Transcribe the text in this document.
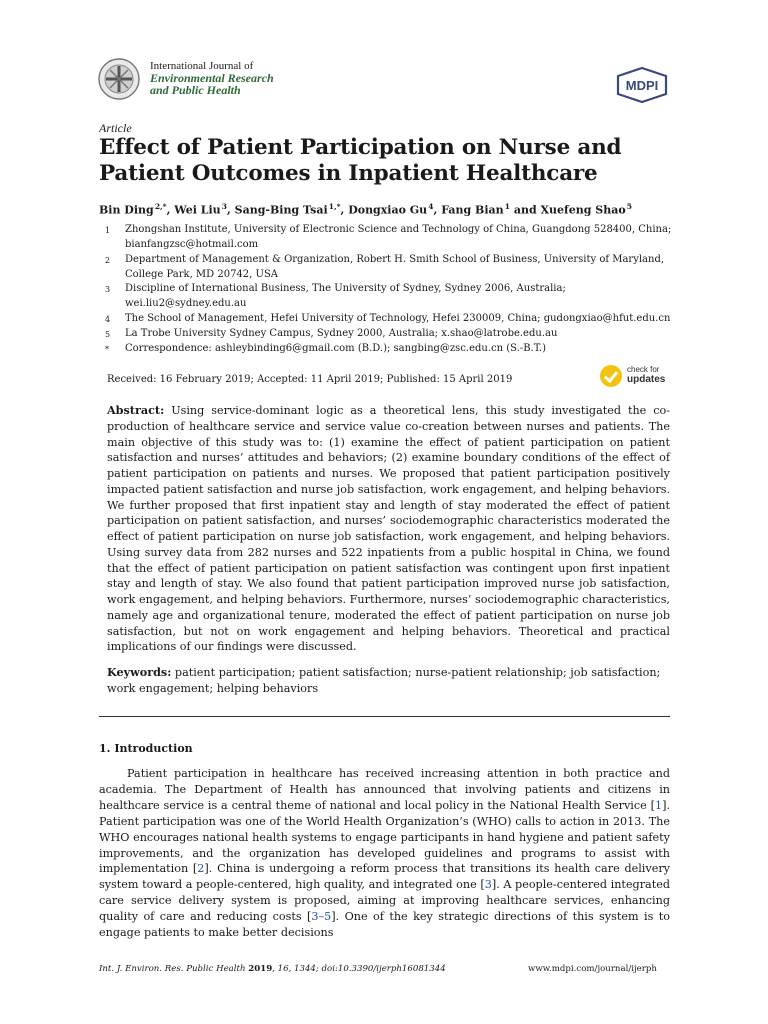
International Journal of
Environmental Research
and Public Health	MDPI
Article
Effect of Patient Participation on Nurse and Patient Outcomes in Inpatient Healthcare
Bin Ding $^{2,*}$, Wei Liu $^3$, Sang-Bing Tsai $^{1,*}$, Dongxiao Gu $^4$, Fang Bian $^1$ and Xuefeng Shao $^5$
1 Zhongshan Institute, University of Electronic Science and Technology of China, Guangdong 528400, China;
bianfangzsc@hotmail.com
2 Department of Management & Organization, Robert H. Smith School of Business, University of Maryland,
College Park, MD 20742, USA
3 Discipline of International Business, The University of Sydney, Sydney 2006, Australia;
wei.liu2@sydney.edu.au
4 The School of Management, Hefei University of Technology, Hefei 230009, China; gudongxiao@hfut.edu.cn
5 La Trobe University Sydney Campus, Sydney 2000, Australia; x.shao@latrobe.edu.au
* Correspondence: ashleybinding6@gmail.com (B.D.); sangbing@zsc.edu.cn (S.-B.T.)
Received: 16 February 2019; Accepted: 11 April 2019; Published: 15 April 2019
check for
updates
Abstract: Using service-dominant logic as a theoretical lens, this study investigated the co-production of healthcare service and service value co-creation between nurses and patients. The main objective of this study was to: (1) examine the effect of patient participation on patient satisfaction and nurses’ attitudes and behaviors; (2) examine boundary conditions of the effect of patient participation on patients and nurses. We proposed that patient participation positively impacted patient satisfaction and nurse job satisfaction, work engagement, and helping behaviors. We further proposed that first inpatient stay and length of stay moderated the effect of patient participation on patient satisfaction, and nurses’ sociodemographic characteristics moderated the effect of patient participation on nurse job satisfaction, work engagement, and helping behaviors. Using survey data from 282 nurses and 522 inpatients from a public hospital in China, we found that the effect of patient participation on patient satisfaction was contingent upon first inpatient stay and length of stay. We also found that patient participation improved nurse job satisfaction, work engagement, and helping behaviors. Furthermore, nurses’ sociodemographic characteristics, namely age and organizational tenure, moderated the effect of patient participation on nurse job satisfaction, but not on work engagement and helping behaviors. Theoretical and practical implications of our findings were discussed.
Keywords: patient participation; patient satisfaction; nurse-patient relationship; job satisfaction; work engagement; helping behaviors
1. Introduction

Patient participation in healthcare has received increasing attention in both practice and academia. The Department of Health has announced that involving patients and citizens in healthcare service is a central theme of national and local policy in the National Health Service [1]. Patient participation was one of the World Health Organization’s (WHO) calls to action in 2013. The WHO encourages national health systems to engage participants in hand hygiene and patient safety improvements, and the organization has developed guidelines and programs to assist with implementation [2]. China is undergoing a reform process that transitions its health care delivery system toward a people-centered, high quality, and integrated one [3]. A people-centered integrated care service delivery system is proposed, aiming at improving healthcare services, enhancing quality of care and reducing costs [3–5]. One of the key strategic directions of this system is to engage patients to make better decisions

Int. J. Environ. Res. Public Health 2019, 16, 1344; doi:10.3390/ijerph16081344	www.mdpi.com/journal/ijerph
